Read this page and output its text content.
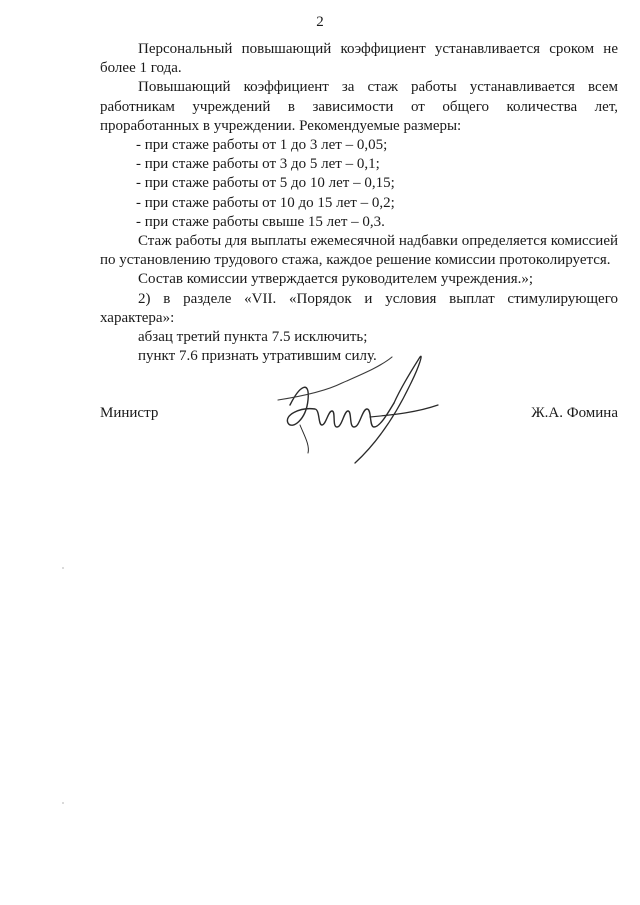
2

Персональный повышающий коэффициент устанавливается сроком не более 1 года.

Повышающий коэффициент за стаж работы устанавливается всем работникам учреждений в зависимости от общего количества лет, проработанных в учреждении. Рекомендуемые размеры:

- при стаже работы от 1 до 3 лет – 0,05;

- при стаже работы от 3 до 5 лет – 0,1;

- при стаже работы от 5 до 10 лет – 0,15;

- при стаже работы от 10 до 15 лет – 0,2;

- при стаже работы свыше 15 лет – 0,3.

Стаж работы для выплаты ежемесячной надбавки определяется комиссией по установлению трудового стажа, каждое решение комиссии протоколируется.

Состав комиссии утверждается руководителем учреждения.»;

2) в разделе «VII. «Порядок и условия выплат стимулирующего характера»:

абзац третий пункта 7.5 исключить;

пункт 7.6 признать утратившим силу.

Министр	Ж.А. Фомина
